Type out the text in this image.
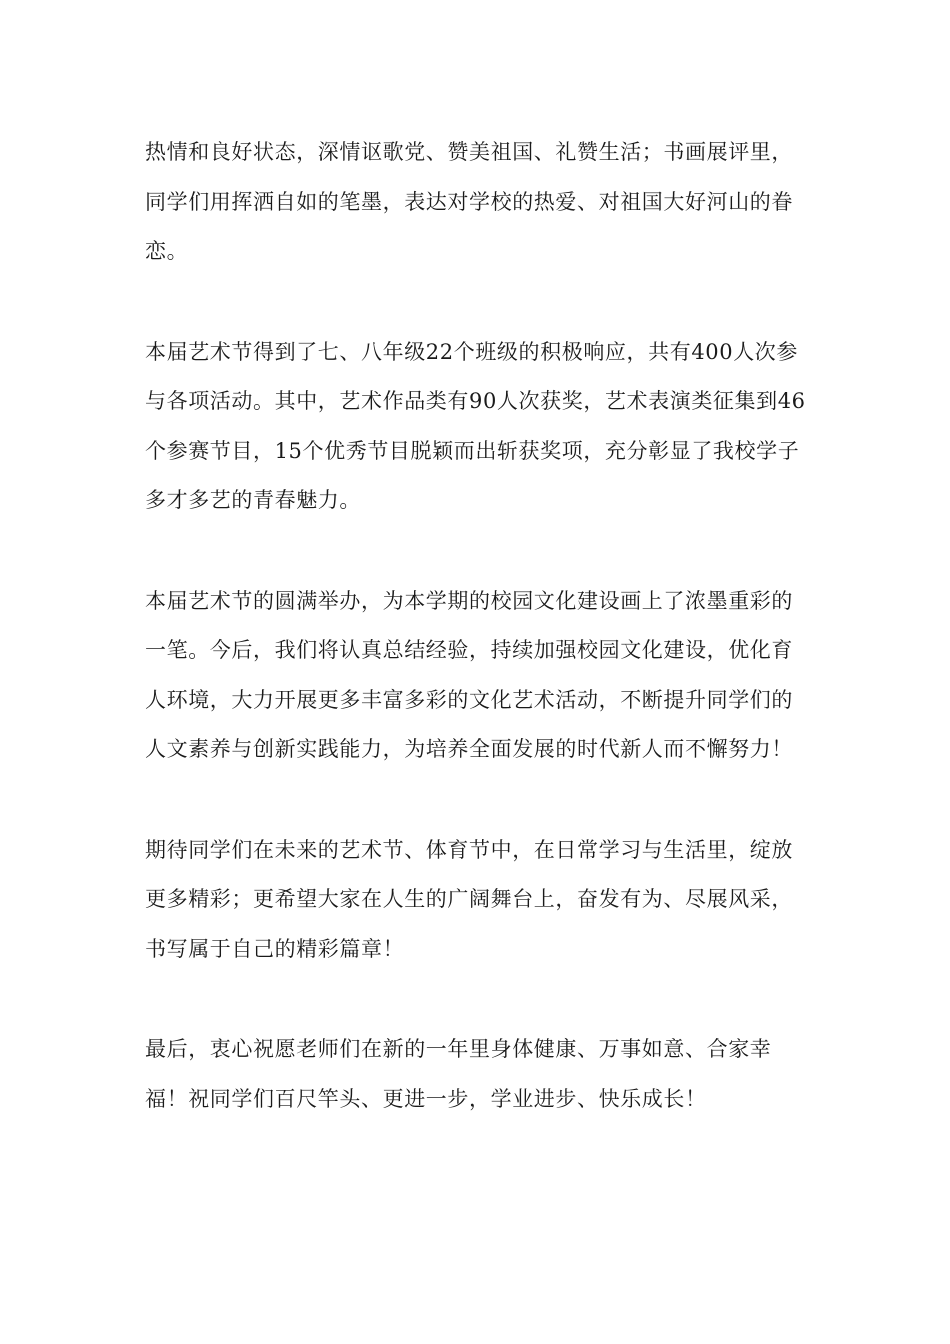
热情和良好状态，深情讴歌党、赞美祖国、礼赞生活；书画展评里，同学们用挥洒自如的笔墨，表达对学校的热爱、对祖国大好河山的眷恋。

本届艺术节得到了七、八年级22个班级的积极响应，共有400人次参与各项活动。其中，艺术作品类有90人次获奖，艺术表演类征集到46个参赛节目，15个优秀节目脱颖而出斩获奖项，充分彰显了我校学子多才多艺的青春魅力。

本届艺术节的圆满举办，为本学期的校园文化建设画上了浓墨重彩的一笔。今后，我们将认真总结经验，持续加强校园文化建设，优化育人环境，大力开展更多丰富多彩的文化艺术活动，不断提升同学们的人文素养与创新实践能力，为培养全面发展的时代新人而不懈努力！

期待同学们在未来的艺术节、体育节中，在日常学习与生活里，绽放更多精彩；更希望大家在人生的广阔舞台上，奋发有为、尽展风采，书写属于自己的精彩篇章！

最后，衷心祝愿老师们在新的一年里身体健康、万事如意、合家幸福！祝同学们百尺竿头、更进一步，学业进步、快乐成长！
